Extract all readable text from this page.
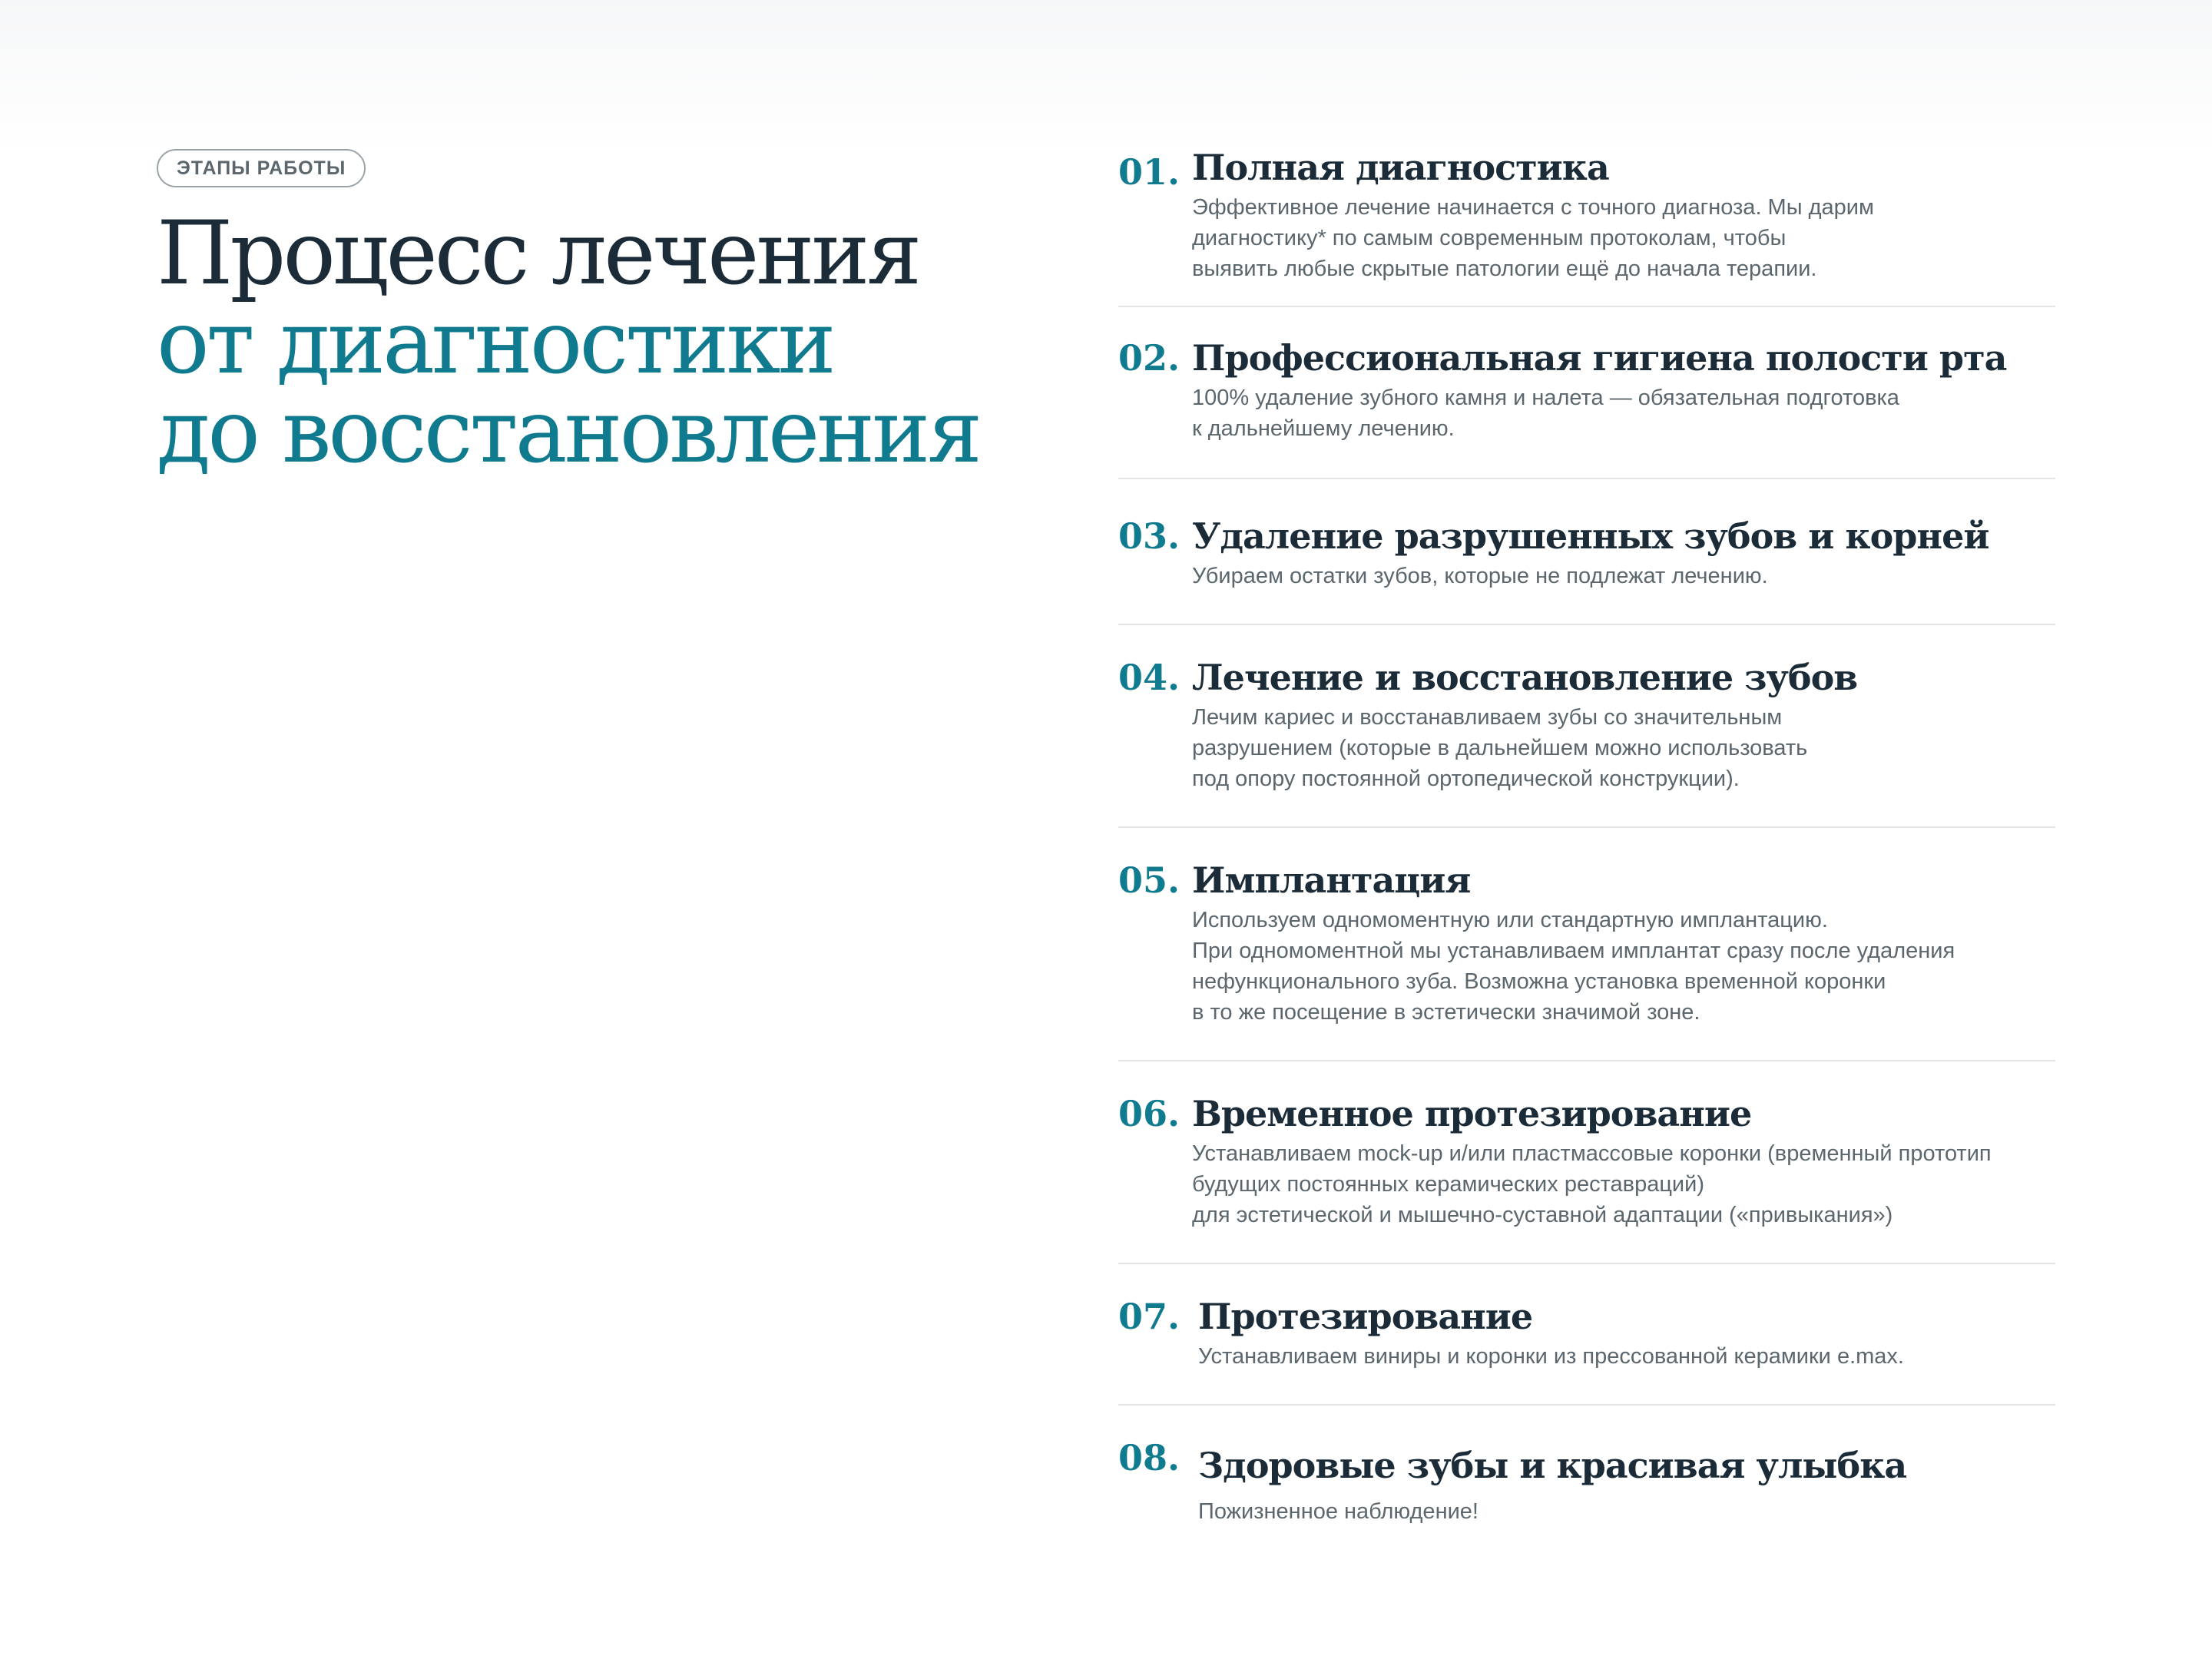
ЭТАПЫ РАБОТЫ
Процесс лечения
от диагностики
до восстановления
01. Полная диагностика
Эффективное лечение начинается с точного диагноза. Мы дарим
диагностику* по самым современным протоколам, чтобы
выявить любые скрытые патологии ещё до начала терапии.
02. Профессиональная гигиена полости рта
100% удаление зубного камня и налета — обязательная подготовка
к дальнейшему лечению.
03. Удаление разрушенных зубов и корней
Убираем остатки зубов, которые не подлежат лечению.
04. Лечение и восстановление зубов
Лечим кариес и восстанавливаем зубы со значительным
разрушением (которые в дальнейшем можно использовать
под опору постоянной ортопедической конструкции).
05. Имплантация
Используем одномоментную или стандартную имплантацию.
При одномоментной мы устанавливаем имплантат сразу после удаления
нефункционального зуба. Возможна установка временной коронки
в то же посещение в эстетически значимой зоне.
06. Временное протезирование
Устанавливаем mock-up и/или пластмассовые коронки (временный прототип
будущих постоянных керамических реставраций)
для эстетической и мышечно-суставной адаптации («привыкания»)
07. Протезирование
Устанавливаем виниры и коронки из прессованной керамики e.max.
08. Здоровые зубы и красивая улыбка
Пожизненное наблюдение!
